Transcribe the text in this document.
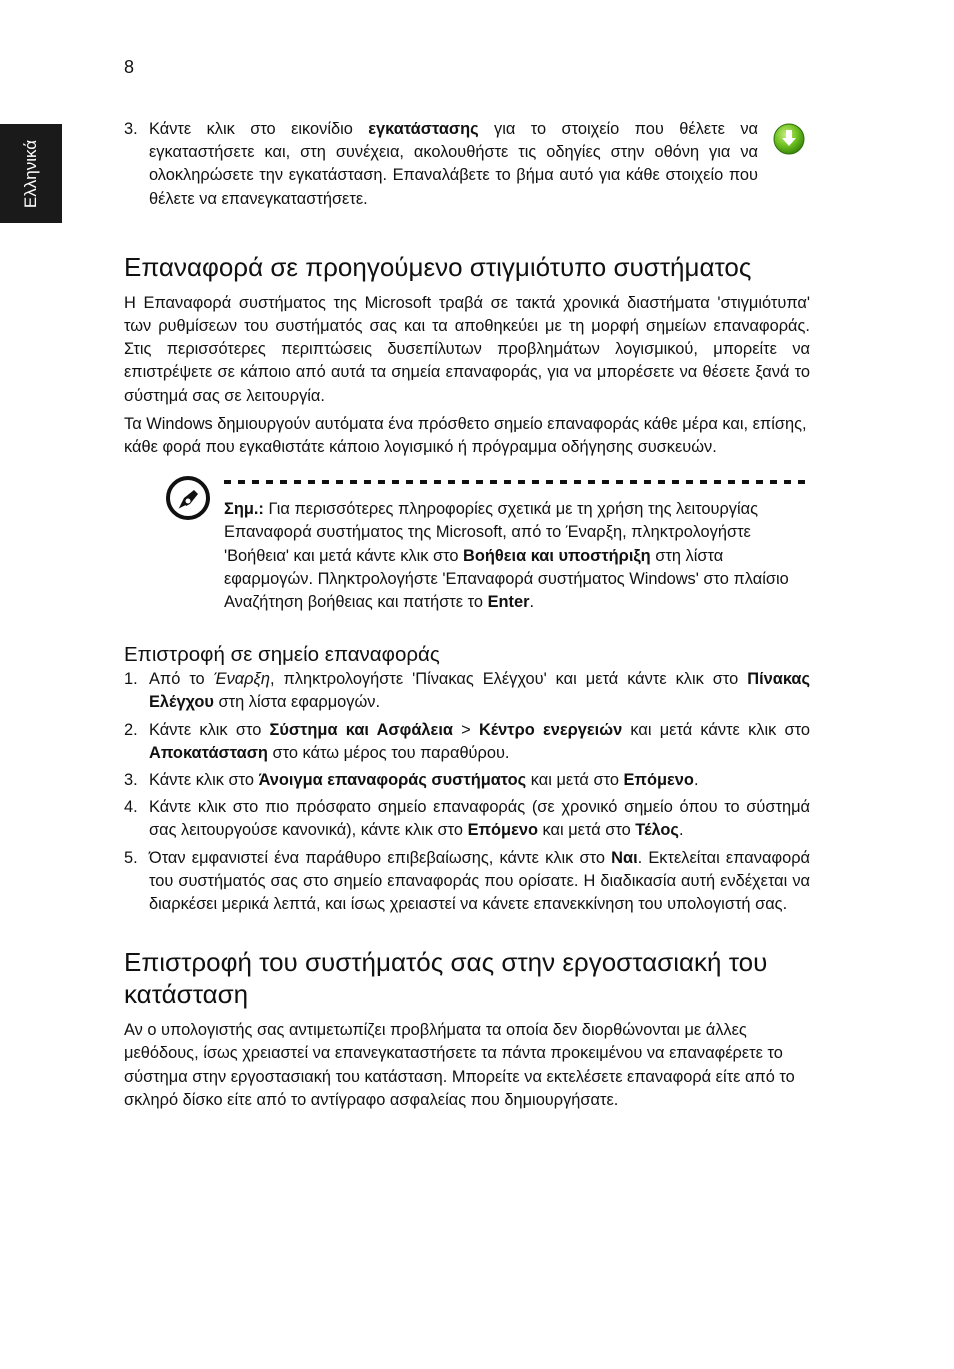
8
Ελληνικά
3. Κάντε κλικ στο εικονίδιο εγκατάστασης για το στοιχείο που θέλετε να εγκαταστήσετε και, στη συνέχεια, ακολουθήστε τις οδηγίες στην οθόνη για να ολοκληρώσετε την εγκατάσταση. Επαναλάβετε το βήμα αυτό για κάθε στοιχείο που θέλετε να επανεγκαταστήσετε.
Επαναφορά σε προηγούμενο στιγμιότυπο συστήματος

Η Επαναφορά συστήματος της Microsoft τραβά σε τακτά χρονικά διαστήματα 'στιγμιότυπα' των ρυθμίσεων του συστήματός σας και τα αποθηκεύει με τη μορφή σημείων επαναφοράς. Στις περισσότερες περιπτώσεις δυσεπίλυτων προβλημάτων λογισμικού, μπορείτε να επιστρέψετε σε κάποιο από αυτά τα σημεία επαναφοράς, για να μπορέσετε να θέσετε ξανά το σύστημά σας σε λειτουργία.

Τα Windows δημιουργούν αυτόματα ένα πρόσθετο σημείο επαναφοράς κάθε μέρα και, επίσης, κάθε φορά που εγκαθιστάτε κάποιο λογισμικό ή πρόγραμμα οδήγησης συσκευών.

Σημ.: Για περισσότερες πληροφορίες σχετικά με τη χρήση της λειτουργίας Επαναφορά συστήματος της Microsoft, από το Έναρξη, πληκτρολογήστε 'Βοήθεια' και μετά κάντε κλικ στο Βοήθεια και υποστήριξη στη λίστα εφαρμογών. Πληκτρολογήστε 'Επαναφορά συστήματος Windows' στο πλαίσιο Αναζήτηση βοήθειας και πατήστε το Enter.

Επιστροφή σε σημείο επαναφοράς
1. Από το Έναρξη, πληκτρολογήστε 'Πίνακας Ελέγχου' και μετά κάντε κλικ στο Πίνακας Ελέγχου στη λίστα εφαρμογών.
2. Κάντε κλικ στο Σύστημα και Ασφάλεια > Κέντρο ενεργειών και μετά κάντε κλικ στο Αποκατάσταση στο κάτω μέρος του παραθύρου.
3. Κάντε κλικ στο Άνοιγμα επαναφοράς συστήματος και μετά στο Επόμενο.
4. Κάντε κλικ στο πιο πρόσφατο σημείο επαναφοράς (σε χρονικό σημείο όπου το σύστημά σας λειτουργούσε κανονικά), κάντε κλικ στο Επόμενο και μετά στο Τέλος.
5. Όταν εμφανιστεί ένα παράθυρο επιβεβαίωσης, κάντε κλικ στο Ναι. Εκτελείται επαναφορά του συστήματός σας στο σημείο επαναφοράς που ορίσατε. Η διαδικασία αυτή ενδέχεται να διαρκέσει μερικά λεπτά, και ίσως χρειαστεί να κάνετε επανεκκίνηση του υπολογιστή σας.
Επιστροφή του συστήματός σας στην εργοστασιακή του κατάσταση

Αν ο υπολογιστής σας αντιμετωπίζει προβλήματα τα οποία δεν διορθώνονται με άλλες μεθόδους, ίσως χρειαστεί να επανεγκαταστήσετε τα πάντα προκειμένου να επαναφέρετε το σύστημα στην εργοστασιακή του κατάσταση. Μπορείτε να εκτελέσετε επαναφορά είτε από το σκληρό δίσκο είτε από το αντίγραφο ασφαλείας που δημιουργήσατε.
